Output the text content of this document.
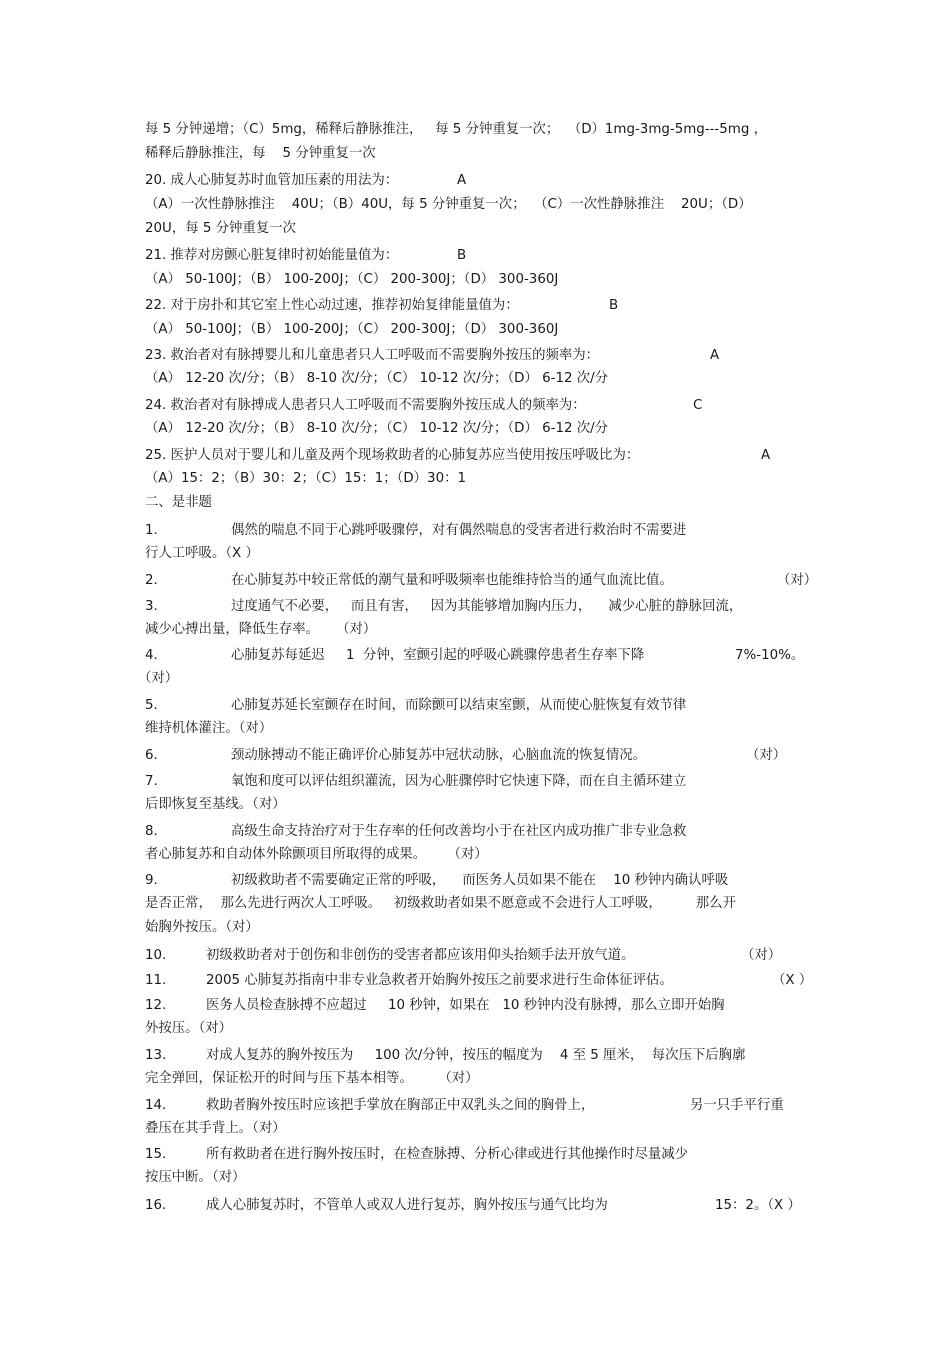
每 5 分钟递增；（C）5mg，稀释后静脉推注，   每 5 分钟重复一次；  （D）1mg-3mg-5mg---5mg ，
稀释后静脉推注，每    5 分钟重复一次
20. 成人心肺复苏时血管加压素的用法为：	A
（A）一次性静脉推注    40U；（B）40U，每 5 分钟重复一次；  （C）一次性静脉推注    20U；（D）
20U，每 5 分钟重复一次
21. 推荐对房颤心脏复律时初始能量值为：	B
（A） 50-100J；（B） 100-200J；（C） 200-300J；（D） 300-360J
22. 对于房扑和其它室上性心动过速，推荐初始复律能量值为：	B
（A） 50-100J；（B） 100-200J；（C） 200-300J；（D） 300-360J
23. 救治者对有脉搏婴儿和儿童患者只人工呼吸而不需要胸外按压的频率为：	A
（A） 12-20 次/分；（B） 8-10 次/分；（C） 10-12 次/分；（D） 6-12 次/分
24. 救治者对有脉搏成人患者只人工呼吸而不需要胸外按压成人的频率为：	C
（A） 12-20 次/分；（B） 8-10 次/分；（C） 10-12 次/分；（D） 6-12 次/分
25. 医护人员对于婴儿和儿童及两个现场救助者的心肺复苏应当使用按压呼吸比为：	A
（A）15：2；（B）30：2；（C）15：1；（D）30：1
二、是非题
1.	偶然的喘息不同于心跳呼吸骤停，对有偶然喘息的受害者进行救治时不需要进
行人工呼吸。（X ）
2.	在心肺复苏中较正常低的潮气量和呼吸频率也能维持恰当的通气血流比值。	（对）
3.	过度通气不必要，   而且有害，   因为其能够增加胸内压力，    减少心脏的静脉回流，
减少心搏出量，降低生存率。    （对）
4.	心肺复苏每延迟     1  分钟，室颤引起的呼吸心跳骤停患者生存率下降	7%-10%。
（对）
5.	心肺复苏延长室颤存在时间，而除颤可以结束室颤，从而使心脏恢复有效节律
维持机体灌注。（对）
6.	颈动脉搏动不能正确评价心肺复苏中冠状动脉，心脑血流的恢复情况。	（对）
7.	氧饱和度可以评估组织灌流，因为心脏骤停时它快速下降，而在自主循环建立
后即恢复至基线。（对）
8.	高级生命支持治疗对于生存率的任何改善均小于在社区内成功推广非专业急救
者心肺复苏和自动体外除颤项目所取得的成果。     （对）
9.	初级救助者不需要确定正常的呼吸，    而医务人员如果不能在    10 秒钟内确认呼吸
是否正常，  那么先进行两次人工呼吸。   初级救助者如果不愿意或不会进行人工呼吸，        那么开
始胸外按压。（对）
10.	初级救助者对于创伤和非创伤的受害者都应该用仰头抬颏手法开放气道。	（对）
11.	2005 心肺复苏指南中非专业急救者开始胸外按压之前要求进行生命体征评估。	（X ）
12.	医务人员检查脉搏不应超过     10 秒钟，如果在   10 秒钟内没有脉搏，那么立即开始胸
外按压。（对）
13.	对成人复苏的胸外按压为     100 次/分钟，按压的幅度为    4 至 5 厘米，  每次压下后胸廓
完全弹回，保证松开的时间与压下基本相等。      （对）
14.	救助者胸外按压时应该把手掌放在胸部正中双乳头之间的胸骨上，	另一只手平行重
叠压在其手背上。（对）
15.	所有救助者在进行胸外按压时，在检查脉搏、分析心律或进行其他操作时尽量减少
按压中断。（对）
16.	成人心肺复苏时，不管单人或双人进行复苏，胸外按压与通气比均为	15：2。（X ）
